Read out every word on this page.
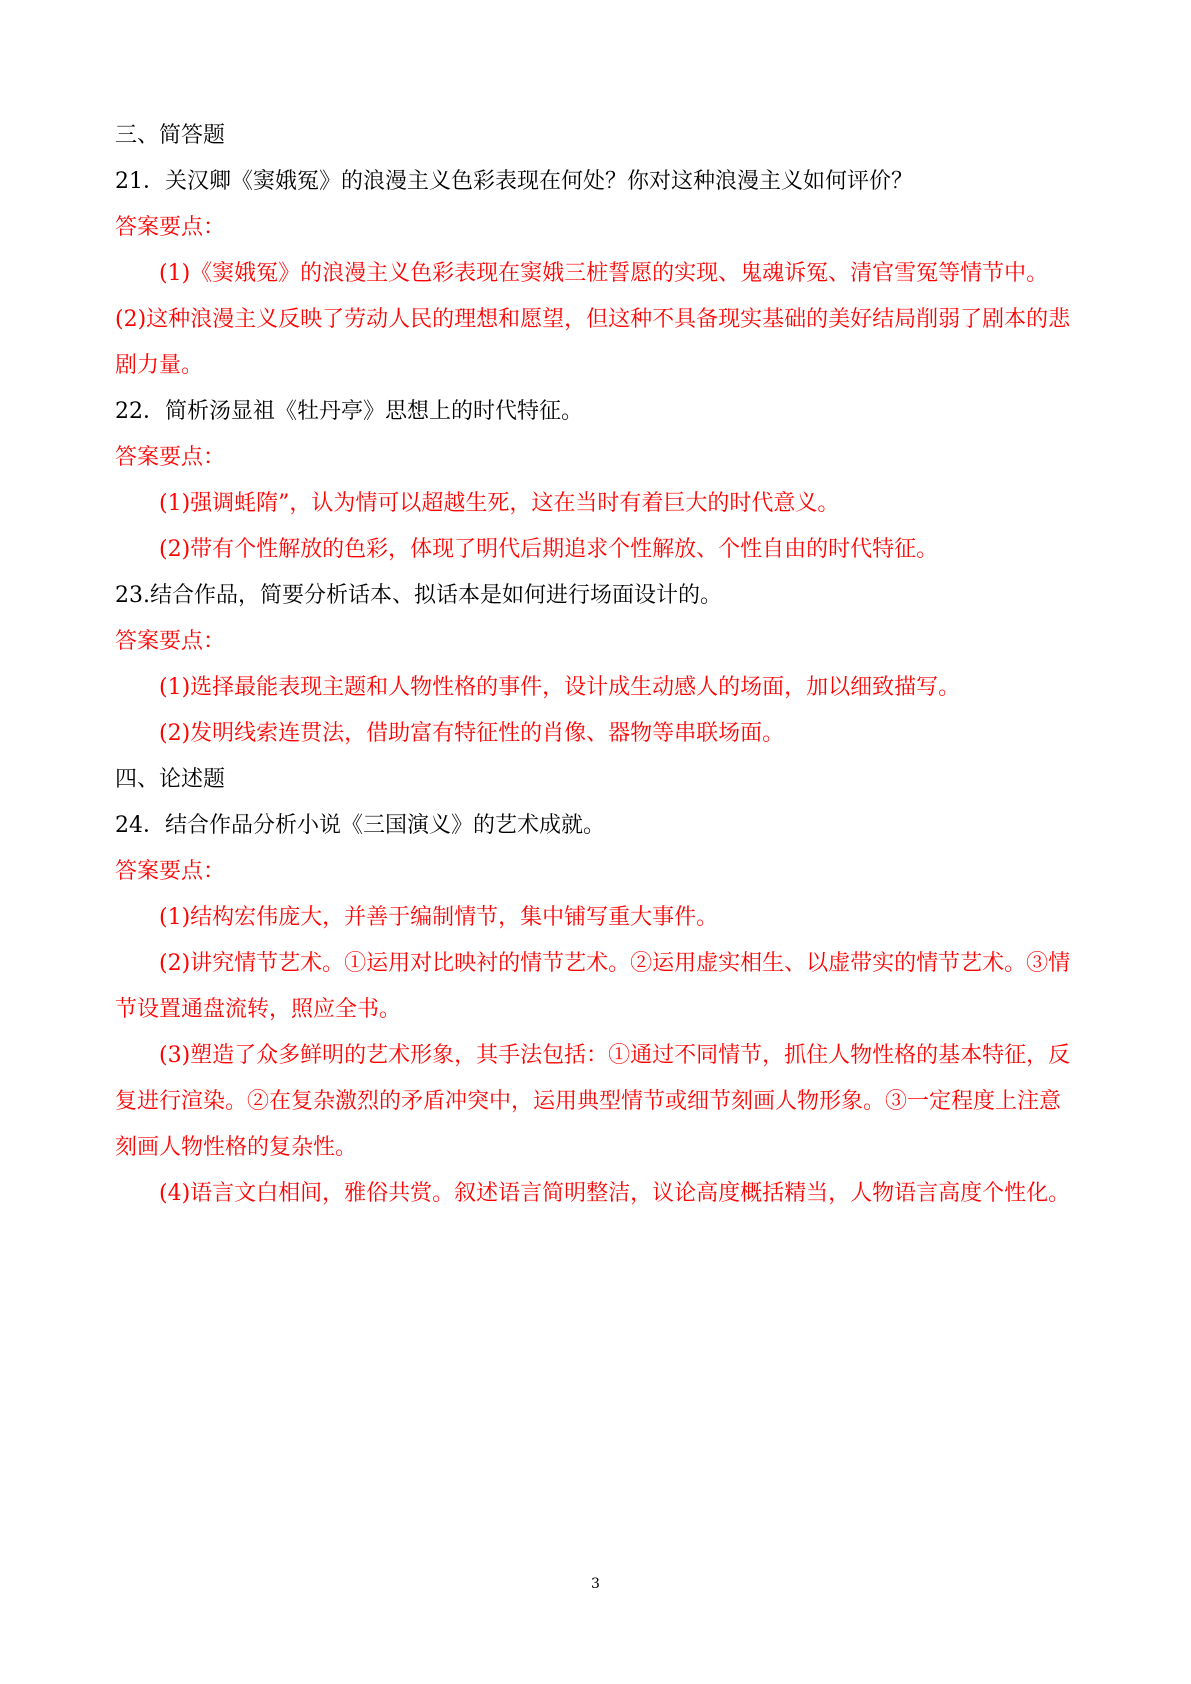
三、简答题

21．关汉卿《窦娥冤》的浪漫主义色彩表现在何处？你对这种浪漫主义如何评价？

答案要点：

(1)《窦娥冤》的浪漫主义色彩表现在窦娥三桩誓愿的实现、鬼魂诉冤、清官雪冤等情节中。 (2)这种浪漫主义反映了劳动人民的理想和愿望，但这种不具备现实基础的美好结局削弱了剧本的悲剧力量。

22．简析汤显祖《牡丹亭》思想上的时代特征。

答案要点：

(1)强调蚝隋”，认为情可以超越生死，这在当时有着巨大的时代意义。

(2)带有个性解放的色彩，体现了明代后期追求个性解放、个性自由的时代特征。

23.结合作品，简要分析话本、拟话本是如何进行场面设计的。

答案要点：

(1)选择最能表现主题和人物性格的事件，设计成生动感人的场面，加以细致描写。

(2)发明线索连贯法，借助富有特征性的肖像、器物等串联场面。

四、论述题

24．结合作品分析小说《三国演义》的艺术成就。

答案要点：

(1)结构宏伟庞大，并善于编制情节，集中铺写重大事件。

(2)讲究情节艺术。①运用对比映衬的情节艺术。②运用虚实相生、以虚带实的情节艺术。③情节设置通盘流转，照应全书。

(3)塑造了众多鲜明的艺术形象，其手法包括：①通过不同情节，抓住人物性格的基本特征，反复进行渲染。②在复杂激烈的矛盾冲突中，运用典型情节或细节刻画人物形象。③一定程度上注意刻画人物性格的复杂性。

(4)语言文白相间，雅俗共赏。叙述语言简明整洁，议论高度概括精当，人物语言高度个性化。

3
